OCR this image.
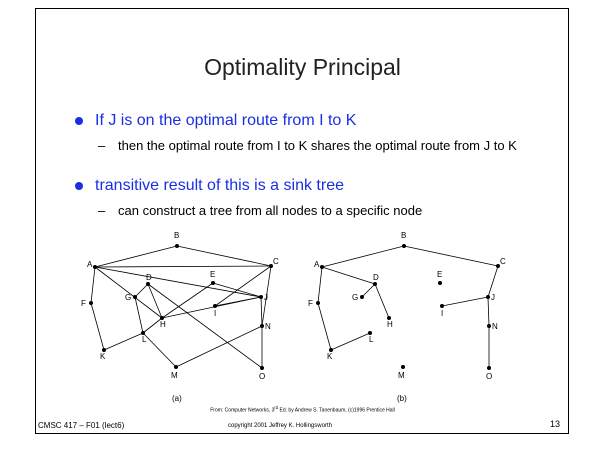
Optimality Principal
If J is on the optimal route from I to K
– then the optimal route from I to K shares the optimal route from J to K
transitive result of this is a sink tree
– can construct a tree from all nodes to a specific node
A
B
C
D	E
F
G
H
I
J
K
L
M
N
O
A
B
C
D	E
F
G
H
I
J
K
L
M
N
O
(a)	(b)
From: Computer Networks, 3rd Ed. by Andrew S. Tanenbaum, (c)1996 Prentice Hall
CMSC 417 – F01 (lect6)	copyright 2001 Jeffrey K. Hollingsworth	13
